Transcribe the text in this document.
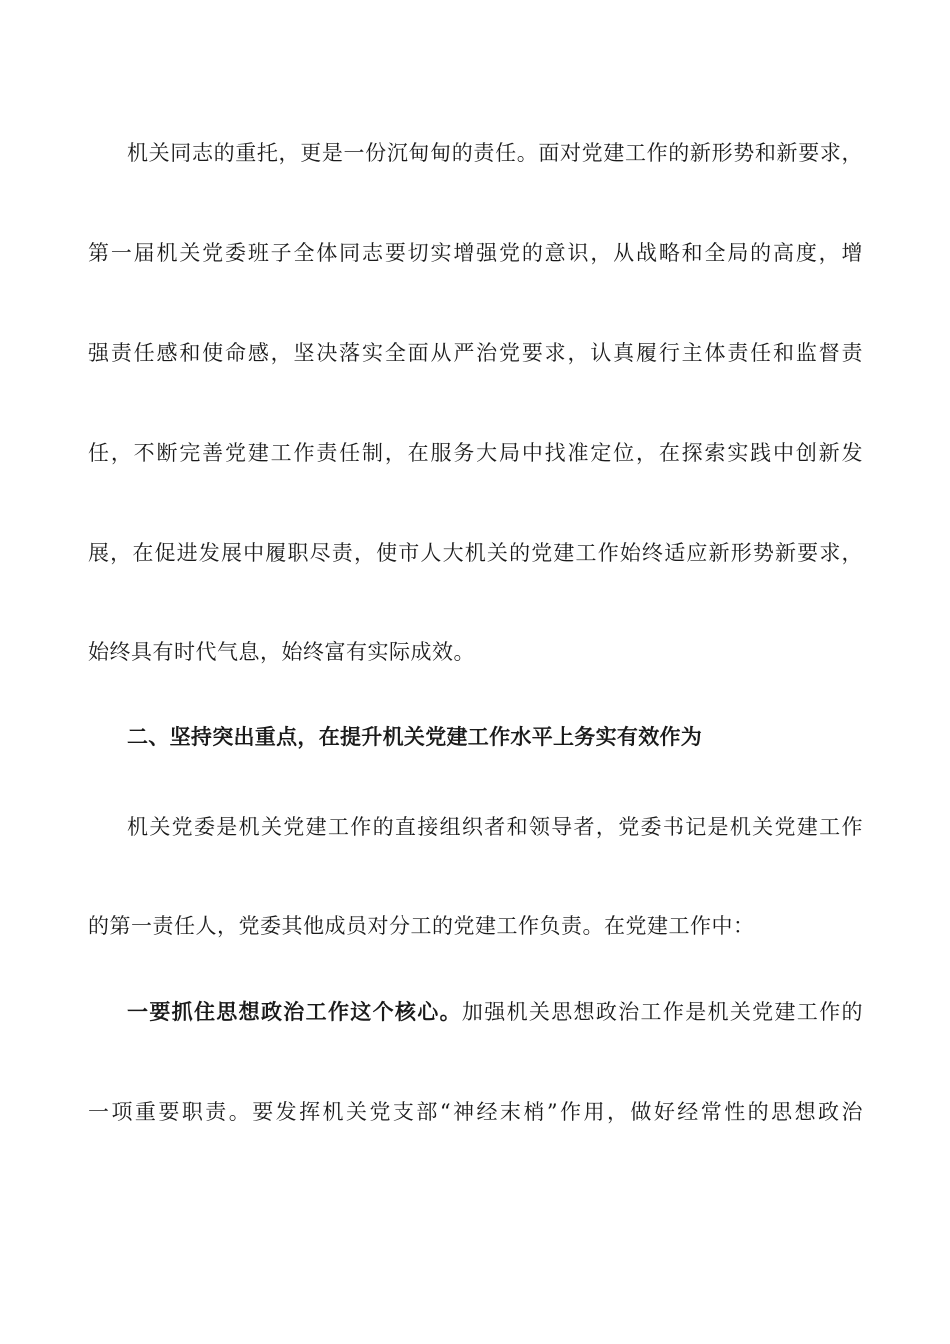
机关同志的重托，更是一份沉甸甸的责任。面对党建工作的新形势和新要求，
第一届机关党委班子全体同志要切实增强党的意识，从战略和全局的高度，增
强责任感和使命感，坚决落实全面从严治党要求，认真履行主体责任和监督责
任，不断完善党建工作责任制，在服务大局中找准定位，在探索实践中创新发
展，在促进发展中履职尽责，使市人大机关的党建工作始终适应新形势新要求，
始终具有时代气息，始终富有实际成效。
二、坚持突出重点，在提升机关党建工作水平上务实有效作为
机关党委是机关党建工作的直接组织者和领导者，党委书记是机关党建工作
的第一责任人，党委其他成员对分工的党建工作负责。在党建工作中：
一要抓住思想政治工作这个核心。加强机关思想政治工作是机关党建工作的
一项重要职责。要发挥机关党支部“神经末梢”作用，做好经常性的思想政治
